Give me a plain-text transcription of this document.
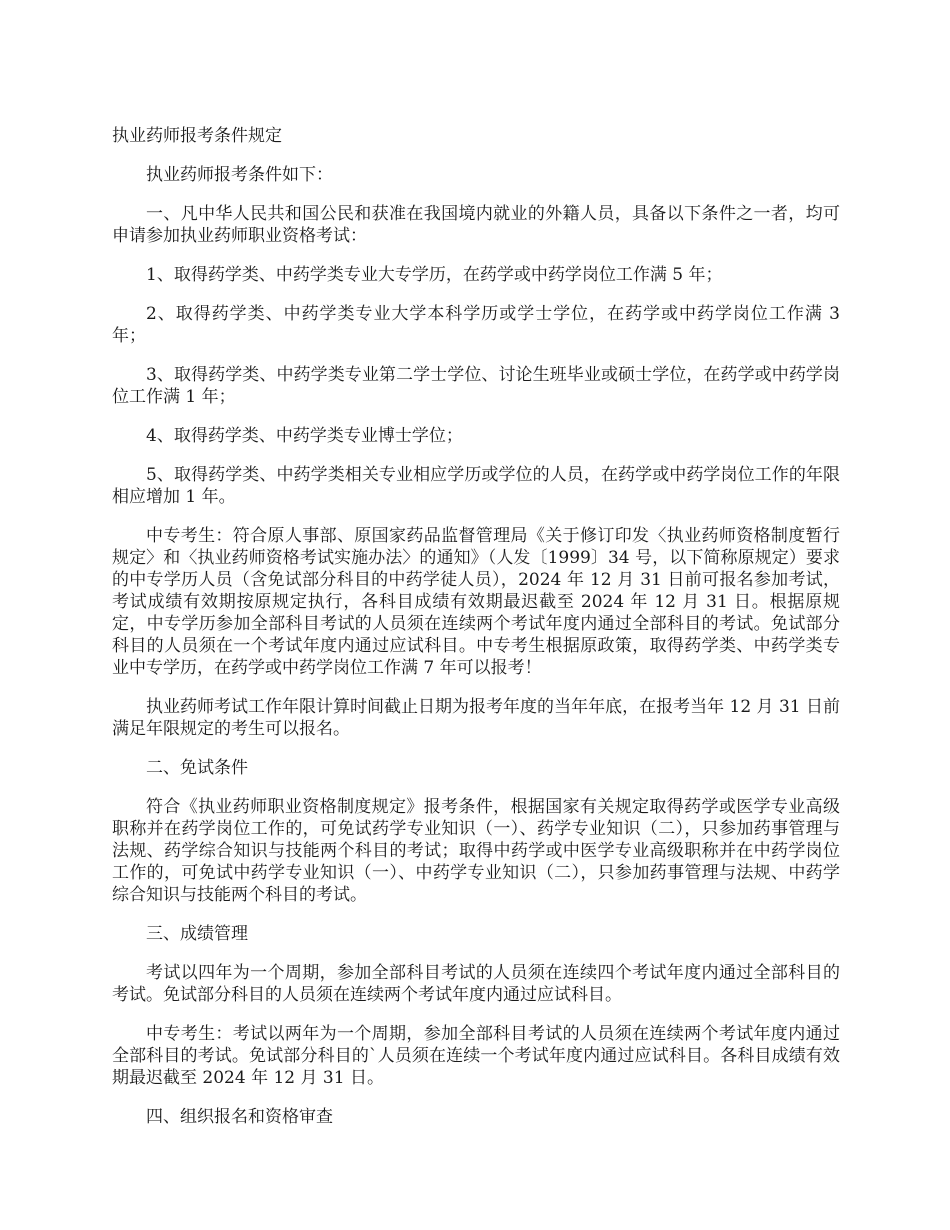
执业药师报考条件规定

执业药师报考条件如下：

一、凡中华人民共和国公民和获准在我国境内就业的外籍人员，具备以下条件之一者，均可申请参加执业药师职业资格考试：

1、取得药学类、中药学类专业大专学历，在药学或中药学岗位工作满 5 年；

2、取得药学类、中药学类专业大学本科学历或学士学位，在药学或中药学岗位工作满 3 年；

3、取得药学类、中药学类专业第二学士学位、讨论生班毕业或硕士学位，在药学或中药学岗位工作满 1 年；

4、取得药学类、中药学类专业博士学位；

5、取得药学类、中药学类相关专业相应学历或学位的人员，在药学或中药学岗位工作的年限相应增加 1 年。

中专考生：符合原人事部、原国家药品监督管理局《关于修订印发〈执业药师资格制度暂行规定〉和〈执业药师资格考试实施办法〉的通知》（人发〔1999〕34 号，以下简称原规定）要求的中专学历人员（含免试部分科目的中药学徒人员），2024 年 12 月 31 日前可报名参加考试，考试成绩有效期按原规定执行，各科目成绩有效期最迟截至 2024 年 12 月 31 日。根据原规定，中专学历参加全部科目考试的人员须在连续两个考试年度内通过全部科目的考试。免试部分科目的人员须在一个考试年度内通过应试科目。中专考生根据原政策，取得药学类、中药学类专业中专学历，在药学或中药学岗位工作满 7 年可以报考！

执业药师考试工作年限计算时间截止日期为报考年度的当年年底，在报考当年 12 月 31 日前满足年限规定的考生可以报名。

二、免试条件

符合《执业药师职业资格制度规定》报考条件，根据国家有关规定取得药学或医学专业高级职称并在药学岗位工作的，可免试药学专业知识（一）、药学专业知识（二），只参加药事管理与法规、药学综合知识与技能两个科目的考试；取得中药学或中医学专业高级职称并在中药学岗位工作的，可免试中药学专业知识（一）、中药学专业知识（二），只参加药事管理与法规、中药学综合知识与技能两个科目的考试。

三、成绩管理

考试以四年为一个周期，参加全部科目考试的人员须在连续四个考试年度内通过全部科目的考试。免试部分科目的人员须在连续两个考试年度内通过应试科目。

中专考生：考试以两年为一个周期，参加全部科目考试的人员须在连续两个考试年度内通过全部科目的考试。免试部分科目的`人员须在连续一个考试年度内通过应试科目。各科目成绩有效期最迟截至 2024 年 12 月 31 日。

四、组织报名和资格审查
